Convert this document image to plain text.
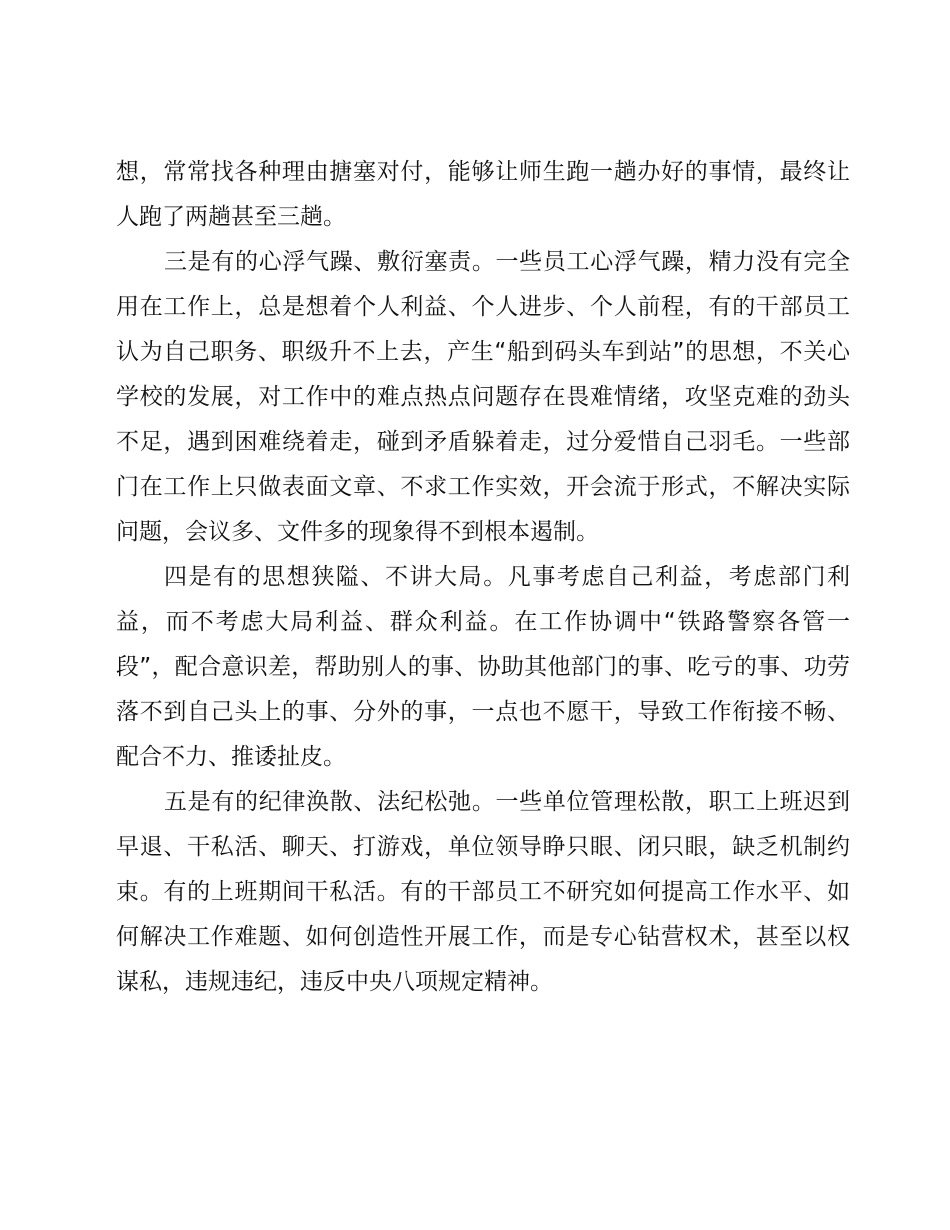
想，常常找各种理由搪塞对付，能够让师生跑一趟办好的事情，最终让人跑了两趟甚至三趟。

三是有的心浮气躁、敷衍塞责。一些员工心浮气躁，精力没有完全用在工作上，总是想着个人利益、个人进步、个人前程，有的干部员工认为自己职务、职级升不上去，产生“船到码头车到站”的思想，不关心学校的发展，对工作中的难点热点问题存在畏难情绪，攻坚克难的劲头不足，遇到困难绕着走，碰到矛盾躲着走，过分爱惜自己羽毛。一些部门在工作上只做表面文章、不求工作实效，开会流于形式，不解决实际问题，会议多、文件多的现象得不到根本遏制。

四是有的思想狭隘、不讲大局。凡事考虑自己利益，考虑部门利益，而不考虑大局利益、群众利益。在工作协调中“铁路警察各管一段”，配合意识差，帮助别人的事、协助其他部门的事、吃亏的事、功劳落不到自己头上的事、分外的事，一点也不愿干，导致工作衔接不畅、配合不力、推诿扯皮。

五是有的纪律涣散、法纪松弛。一些单位管理松散，职工上班迟到早退、干私活、聊天、打游戏，单位领导睁只眼、闭只眼，缺乏机制约束。有的上班期间干私活。有的干部员工不研究如何提高工作水平、如何解决工作难题、如何创造性开展工作，而是专心钻营权术，甚至以权谋私，违规违纪，违反中央八项规定精神。
